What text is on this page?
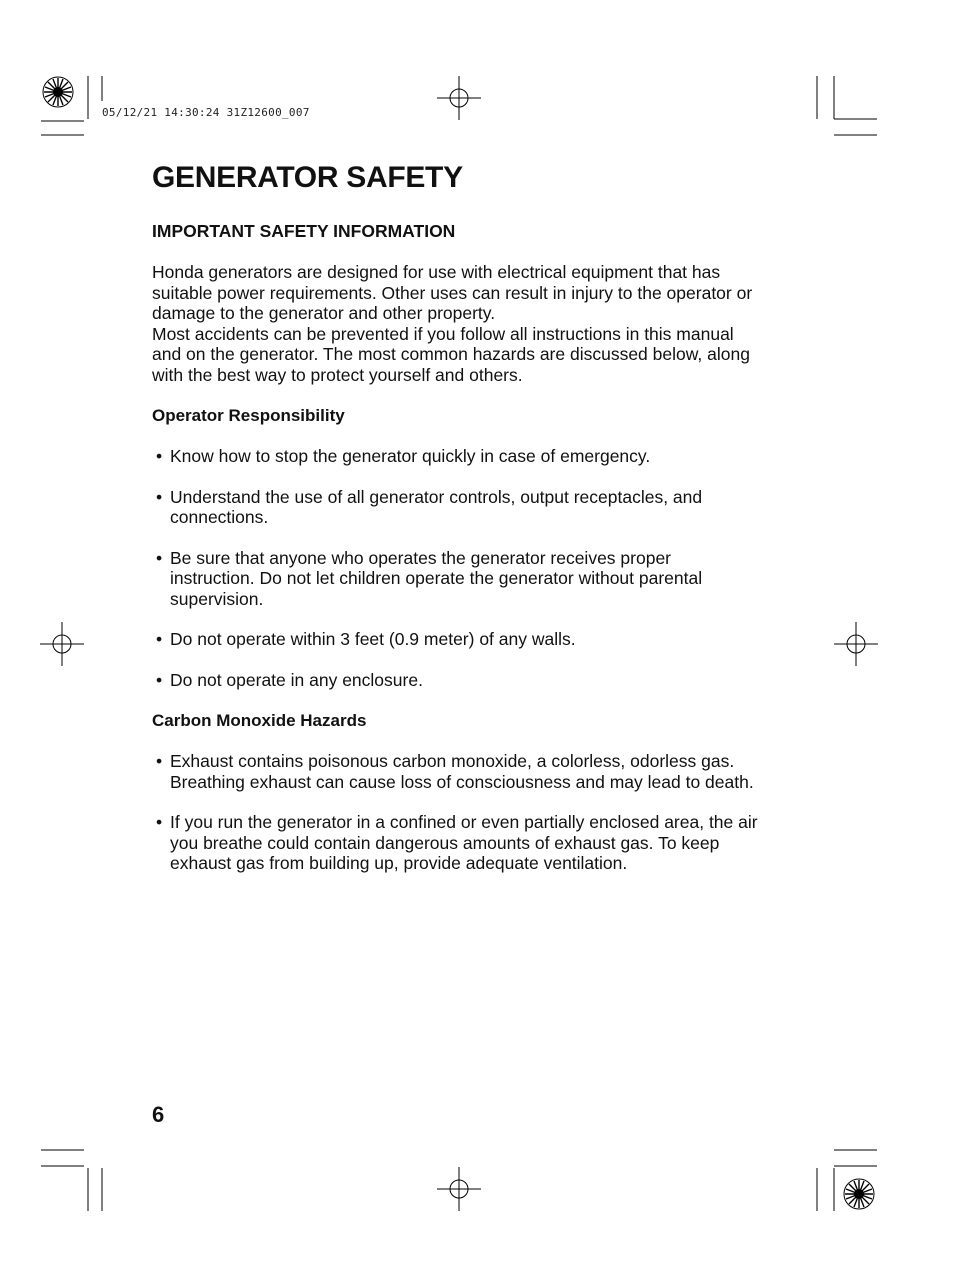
05/12/21 14:30:24 31Z12600_007
GENERATOR SAFETY
IMPORTANT SAFETY INFORMATION

Honda generators are designed for use with electrical equipment that has suitable power requirements. Other uses can result in injury to the operator or damage to the generator and other property.

Most accidents can be prevented if you follow all instructions in this manual and on the generator. The most common hazards are discussed below, along with the best way to protect yourself and others.

Operator Responsibility
• Know how to stop the generator quickly in case of emergency.
• Understand the use of all generator controls, output receptacles, and connections.
• Be sure that anyone who operates the generator receives proper instruction. Do not let children operate the generator without parental supervision.
• Do not operate within 3 feet (0.9 meter) of any walls.
• Do not operate in any enclosure.
Carbon Monoxide Hazards
• Exhaust contains poisonous carbon monoxide, a colorless, odorless gas. Breathing exhaust can cause loss of consciousness and may lead to death.
• If you run the generator in a confined or even partially enclosed area, the air you breathe could contain dangerous amounts of exhaust gas. To keep exhaust gas from building up, provide adequate ventilation.
6
